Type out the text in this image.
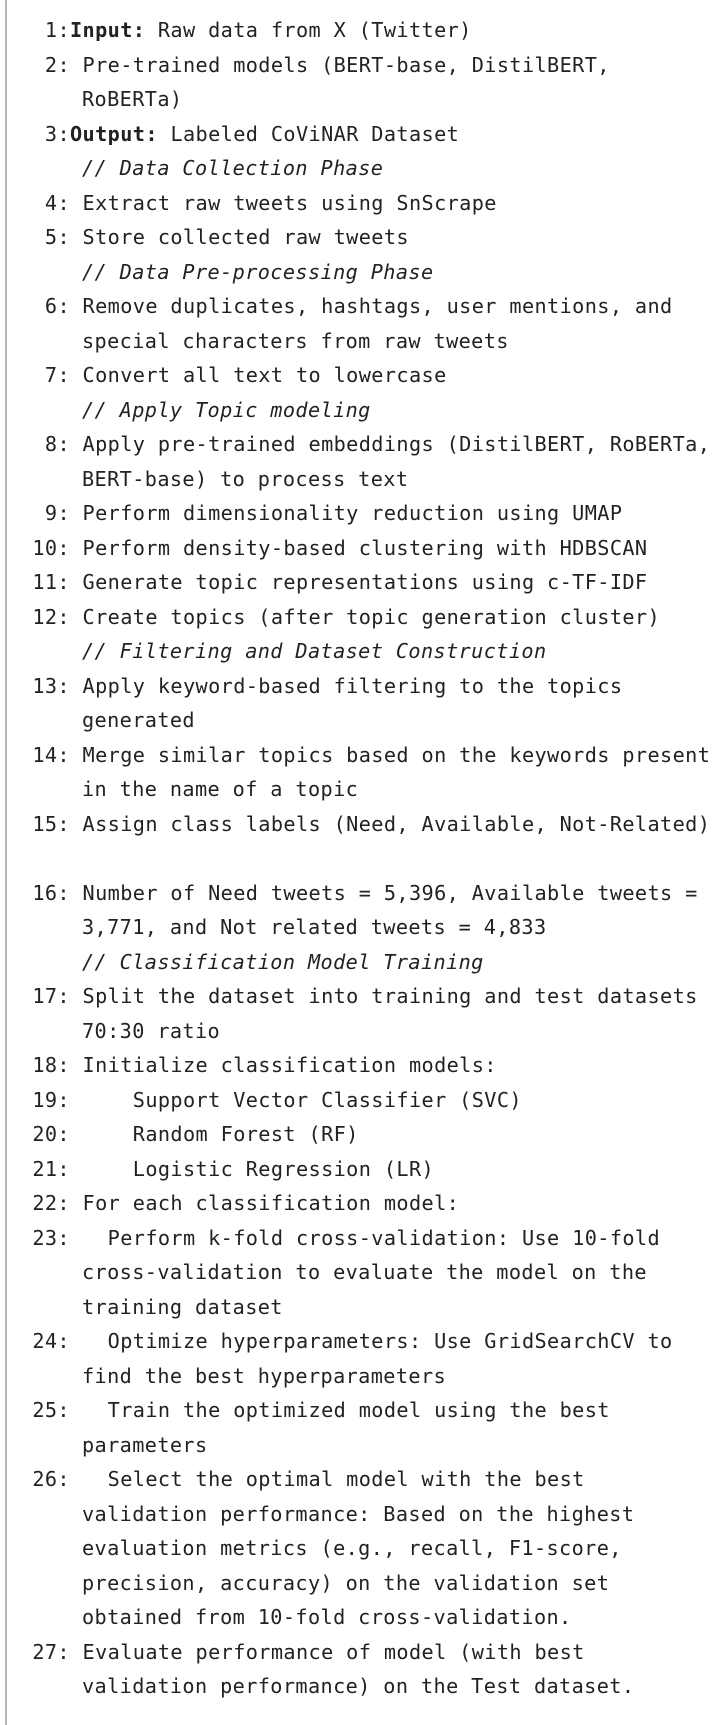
1:Input: Raw data from X (Twitter)
2: Pre-trained models (BERT-base, DistilBERT,
RoBERTa)
3:Output: Labeled CoViNAR Dataset
// Data Collection Phase
4: Extract raw tweets using SnScrape
5: Store collected raw tweets
// Data Pre-processing Phase
6: Remove duplicates, hashtags, user mentions, and
special characters from raw tweets
7: Convert all text to lowercase
// Apply Topic modeling
8: Apply pre-trained embeddings (DistilBERT, RoBERTa,
BERT-base) to process text
9: Perform dimensionality reduction using UMAP
10: Perform density-based clustering with HDBSCAN
11: Generate topic representations using c-TF-IDF
12: Create topics (after topic generation cluster)
// Filtering and Dataset Construction
13: Apply keyword-based filtering to the topics
generated
14: Merge similar topics based on the keywords present
in the name of a topic
15: Assign class labels (Need, Available, Not-Related)
16: Number of Need tweets = 5,396, Available tweets =
3,771, and Not related tweets = 4,833
// Classification Model Training
17: Split the dataset into training and test datasets
70:30 ratio
18: Initialize classification models:
19:     Support Vector Classifier (SVC)
20:     Random Forest (RF)
21:     Logistic Regression (LR)
22: For each classification model:
23:   Perform k-fold cross-validation: Use 10-fold
cross-validation to evaluate the model on the
training dataset
24:   Optimize hyperparameters: Use GridSearchCV to
find the best hyperparameters
25:   Train the optimized model using the best
parameters
26:   Select the optimal model with the best
validation performance: Based on the highest
evaluation metrics (e.g., recall, F1-score,
precision, accuracy) on the validation set
obtained from 10-fold cross-validation.
27: Evaluate performance of model (with best
validation performance) on the Test dataset.
